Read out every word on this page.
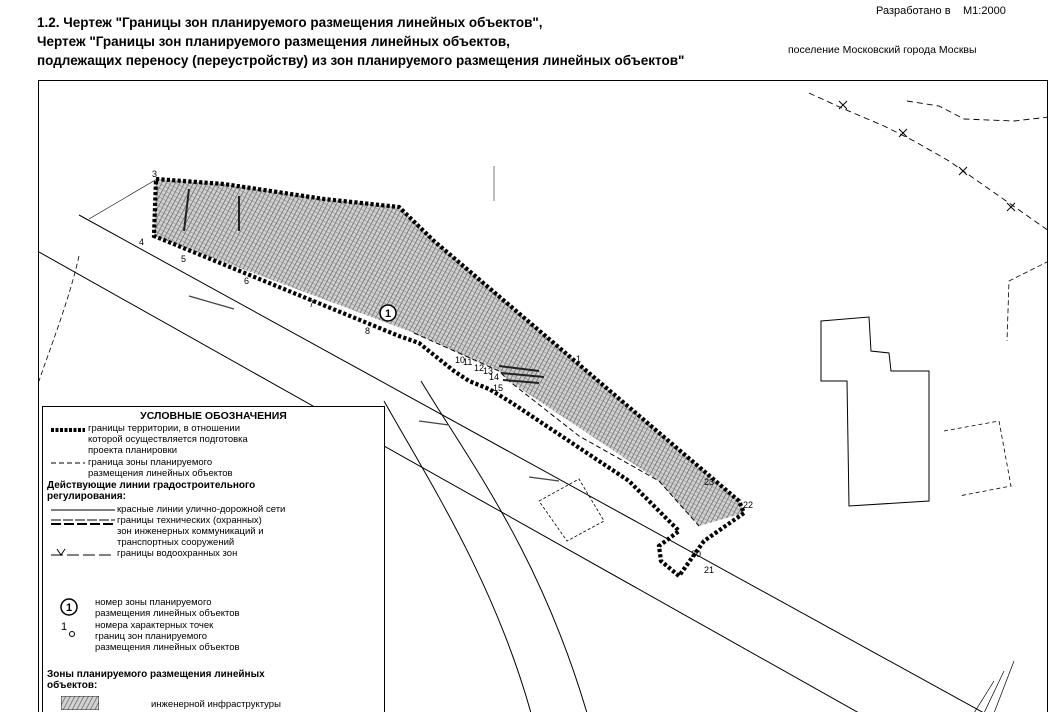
1.2. Чертеж "Границы зон планируемого размещения линейных объектов",
Чертеж "Границы зон планируемого размещения линейных объектов,
подлежащих переносу (переустройству) из зон планируемого размещения линейных объектов"
Разработано в М1:2000
поселение Московский города Москвы
1
1
3
4
5
6
7
8
10
11
12
13
14
15
20
21
22
23
УСЛОВНЫЕ ОБОЗНАЧЕНИЯ
границы территории, в отношении
которой осуществляется подготовка
проекта планировки
граница зоны планируемого
размещения линейных объектов
Действующие линии градостроительного
регулирования:
красные линии улично-дорожной сети
границы технических (охранных)
зон инженерных коммуникаций и
транспортных сооружений
границы водоохранных зон
1 номер зоны планируемого
размещения линейных объектов
1	номера характерных точек
границ зон планируемого
размещения линейных объектов
Зоны планируемого размещения линейных
объектов:
инженерной инфраструктуры
